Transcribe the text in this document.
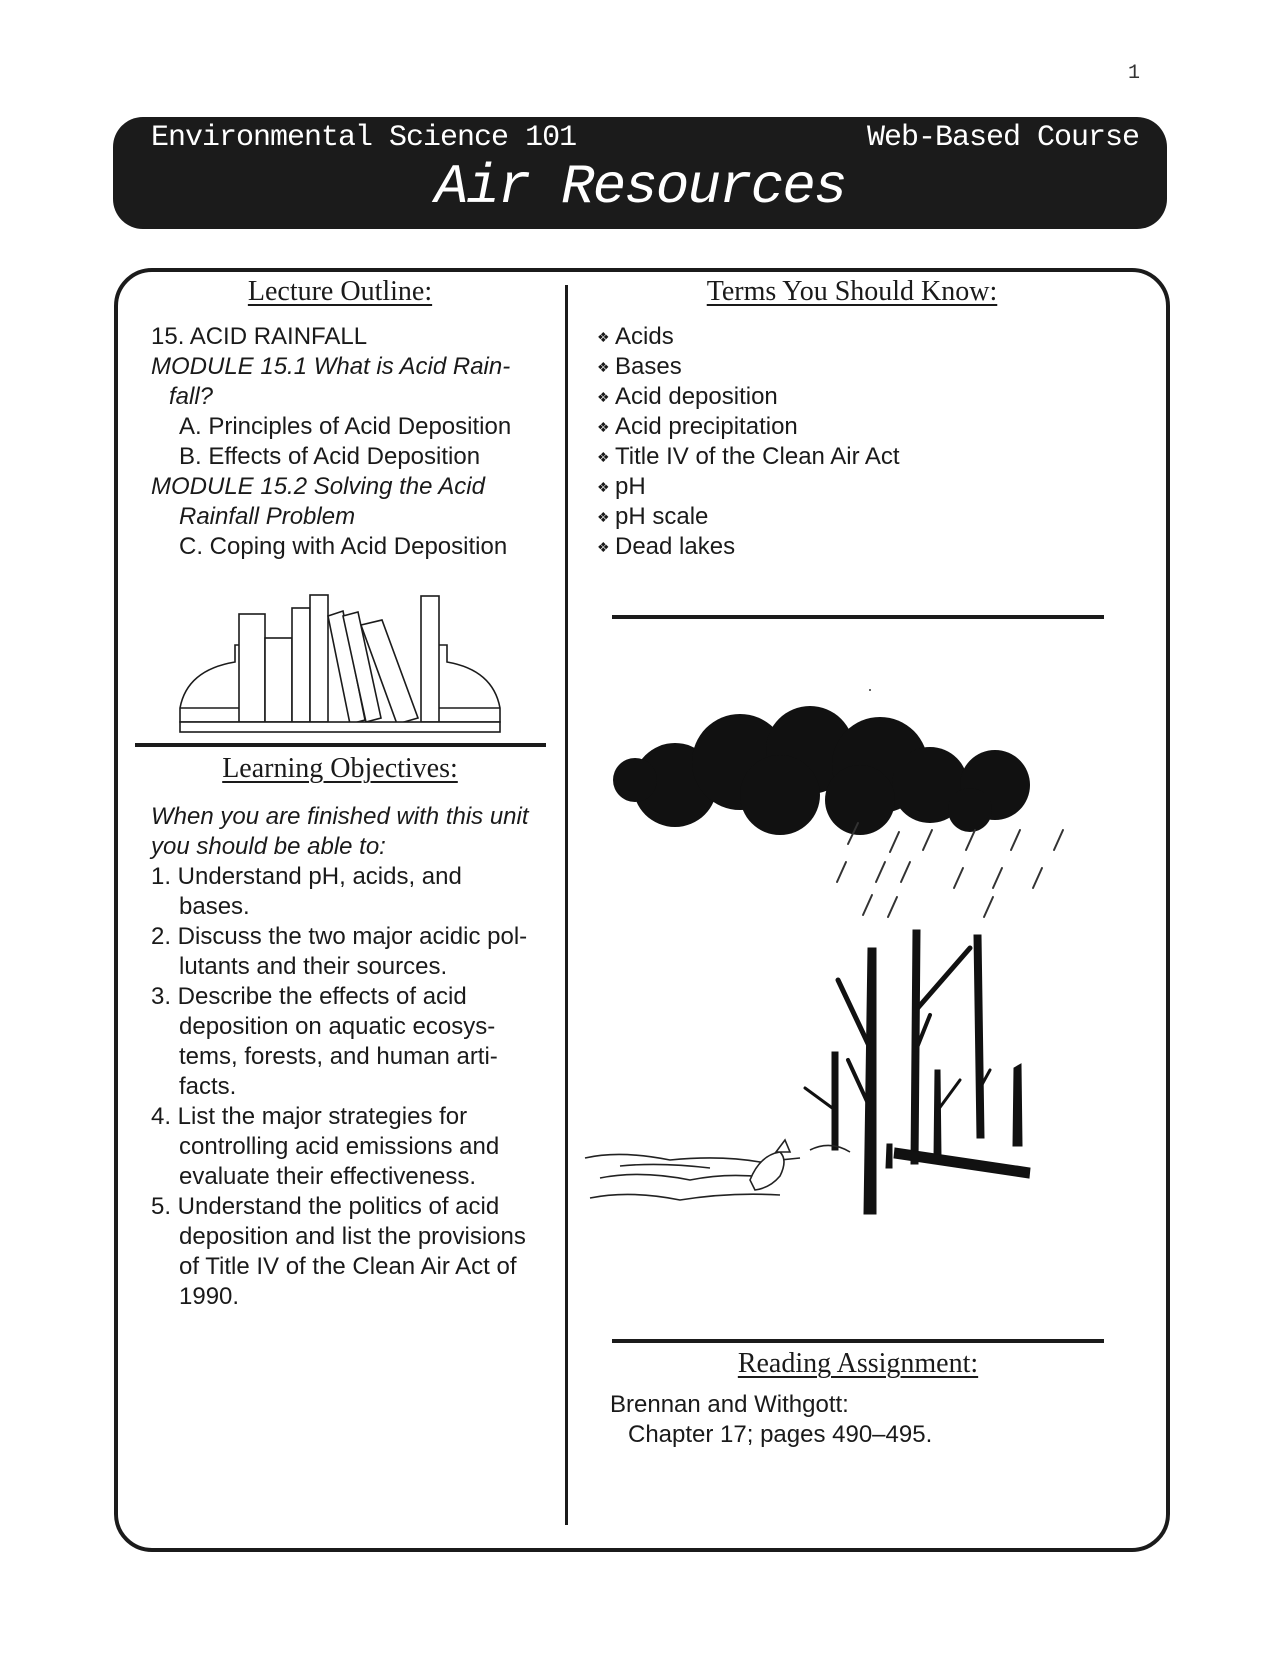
1
Environmental Science 101	Web-Based Course
Air Resources
Lecture Outline:
15. ACID RAINFALL
MODULE 15.1 What is Acid Rain-
fall?
A. Principles of Acid Deposition
B. Effects of Acid Deposition
MODULE 15.2 Solving the Acid
Rainfall Problem
C. Coping with Acid Deposition
Learning Objectives:
When you are finished with this unit
you should be able to:
1. Understand pH, acids, and
bases.
2. Discuss the two major acidic pol-
lutants and their sources.
3. Describe the effects of acid
deposition on aquatic ecosys-
tems, forests, and human arti-
facts.
4. List the major strategies for
controlling acid emissions and
evaluate their effectiveness.
5. Understand the politics of acid
deposition and list the provisions
of Title IV of the Clean Air Act of
1990.
Terms You Should Know:
❖ Acids
❖ Bases
❖ Acid deposition
❖ Acid precipitation
❖ Title IV of the Clean Air Act
❖ pH
❖ pH scale
❖ Dead lakes
Reading Assignment:
Brennan and Withgott:
Chapter 17; pages 490–495.
